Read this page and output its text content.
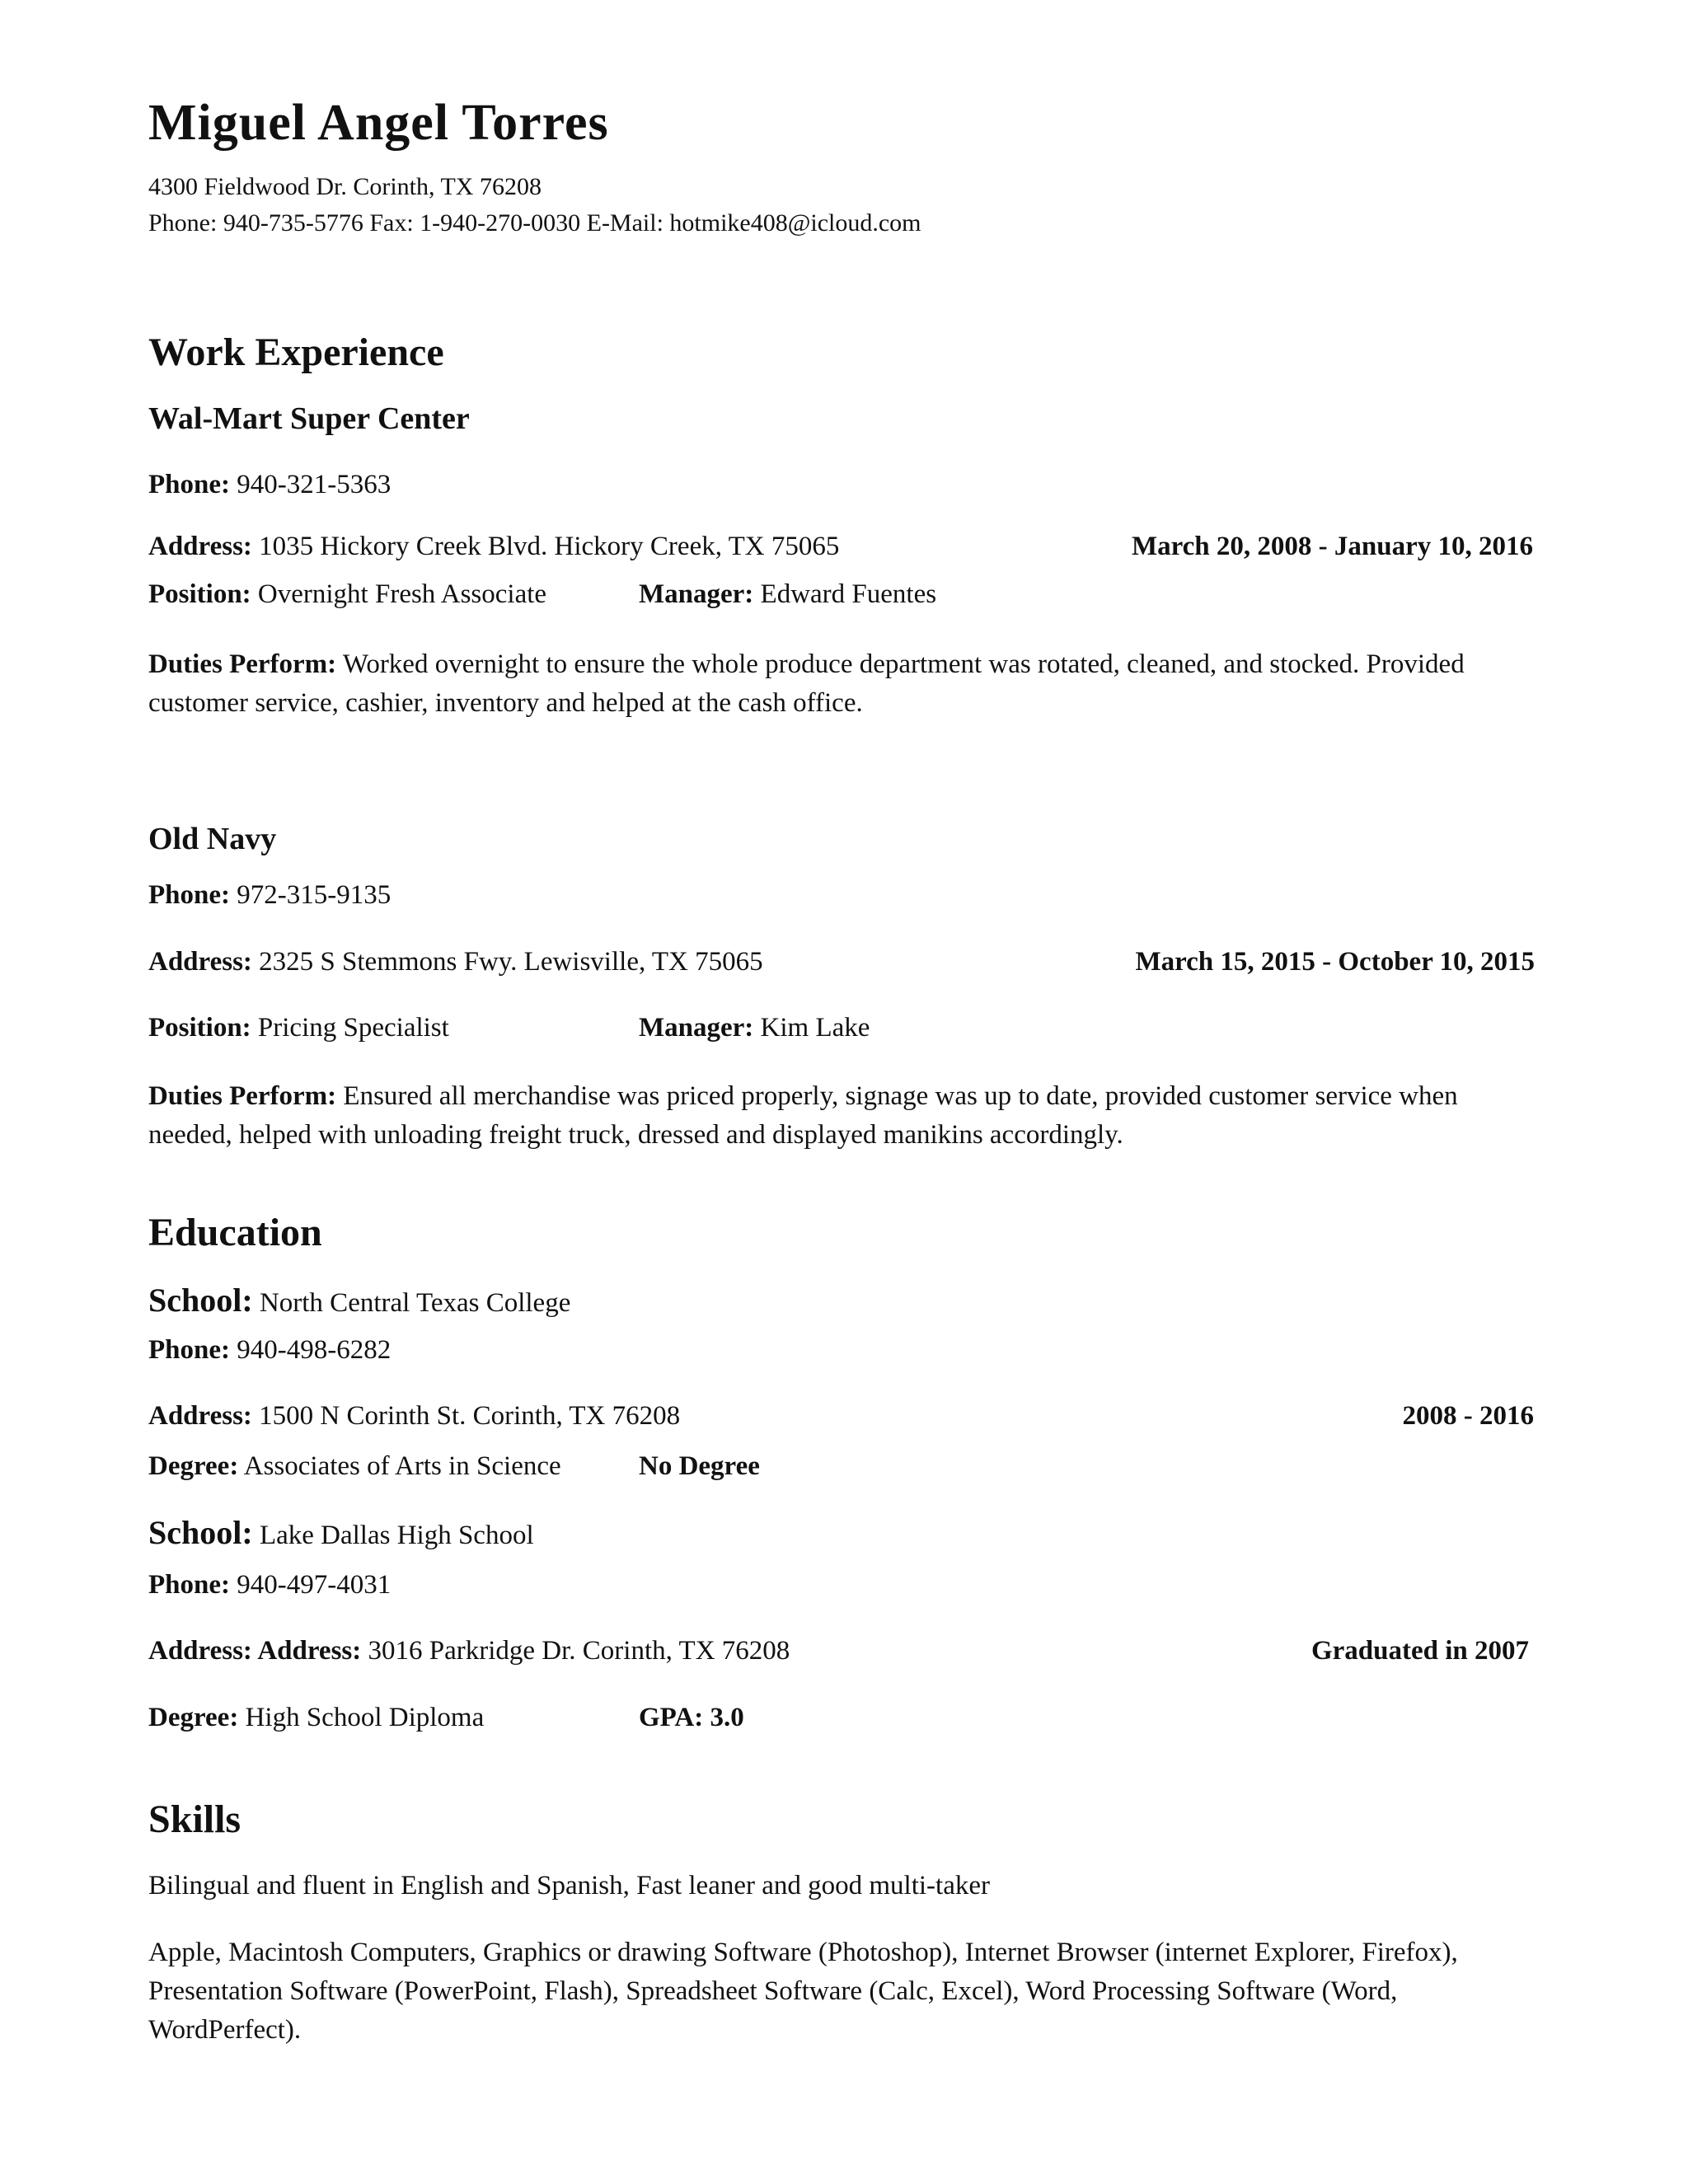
Miguel Angel Torres
4300 Fieldwood Dr. Corinth, TX 76208
Phone: 940-735-5776 Fax: 1-940-270-0030 E-Mail: hotmike408@icloud.com
Work Experience
Wal-Mart Super Center
Phone: 940-321-5363
Address: 1035 Hickory Creek Blvd. Hickory Creek, TX 75065	March 20, 2008 - January 10, 2016
Position: Overnight Fresh Associate	Manager: Edward Fuentes
Duties Perform: Worked overnight to ensure the whole produce department was rotated, cleaned, and stocked. Provided customer service, cashier, inventory and helped at the cash office.
Old Navy
Phone: 972-315-9135
Address: 2325 S Stemmons Fwy. Lewisville, TX 75065	March 15, 2015 - October 10, 2015
Position: Pricing Specialist	Manager: Kim Lake
Duties Perform: Ensured all merchandise was priced properly, signage was up to date, provided customer service when needed, helped with unloading freight truck, dressed and displayed manikins accordingly.
Education
School: North Central Texas College
Phone: 940-498-6282
Address: 1500 N Corinth St. Corinth, TX 76208	2008 - 2016
Degree: Associates of Arts in Science	No Degree
School: Lake Dallas High School
Phone: 940-497-4031
Address: Address: 3016 Parkridge Dr. Corinth, TX 76208	Graduated in 2007
Degree: High School Diploma	GPA: 3.0
Skills
Bilingual and fluent in English and Spanish, Fast leaner and good multi-taker
Apple, Macintosh Computers, Graphics or drawing Software (Photoshop), Internet Browser (internet Explorer, Firefox), Presentation Software (PowerPoint, Flash), Spreadsheet Software (Calc, Excel), Word Processing Software (Word, WordPerfect).
